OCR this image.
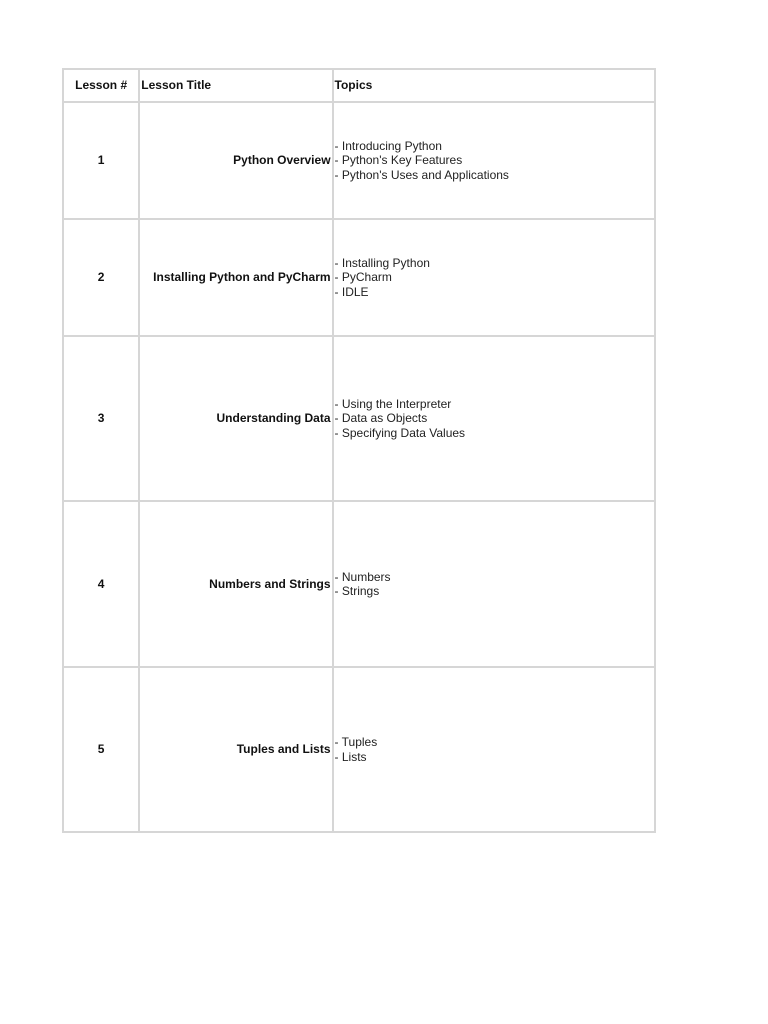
Lesson #	Lesson Title	Topics
1	Python Overview	- Introducing Python
- Python's Key Features
- Python's Uses and Applications

2	Installing Python and PyCharm	- Installing Python
- PyCharm
- IDLE

3	Understanding Data	- Using the Interpreter
- Data as Objects
- Specifying Data Values

4	Numbers and Strings	- Numbers
- Strings

5	Tuples and Lists	- Tuples
- Lists
